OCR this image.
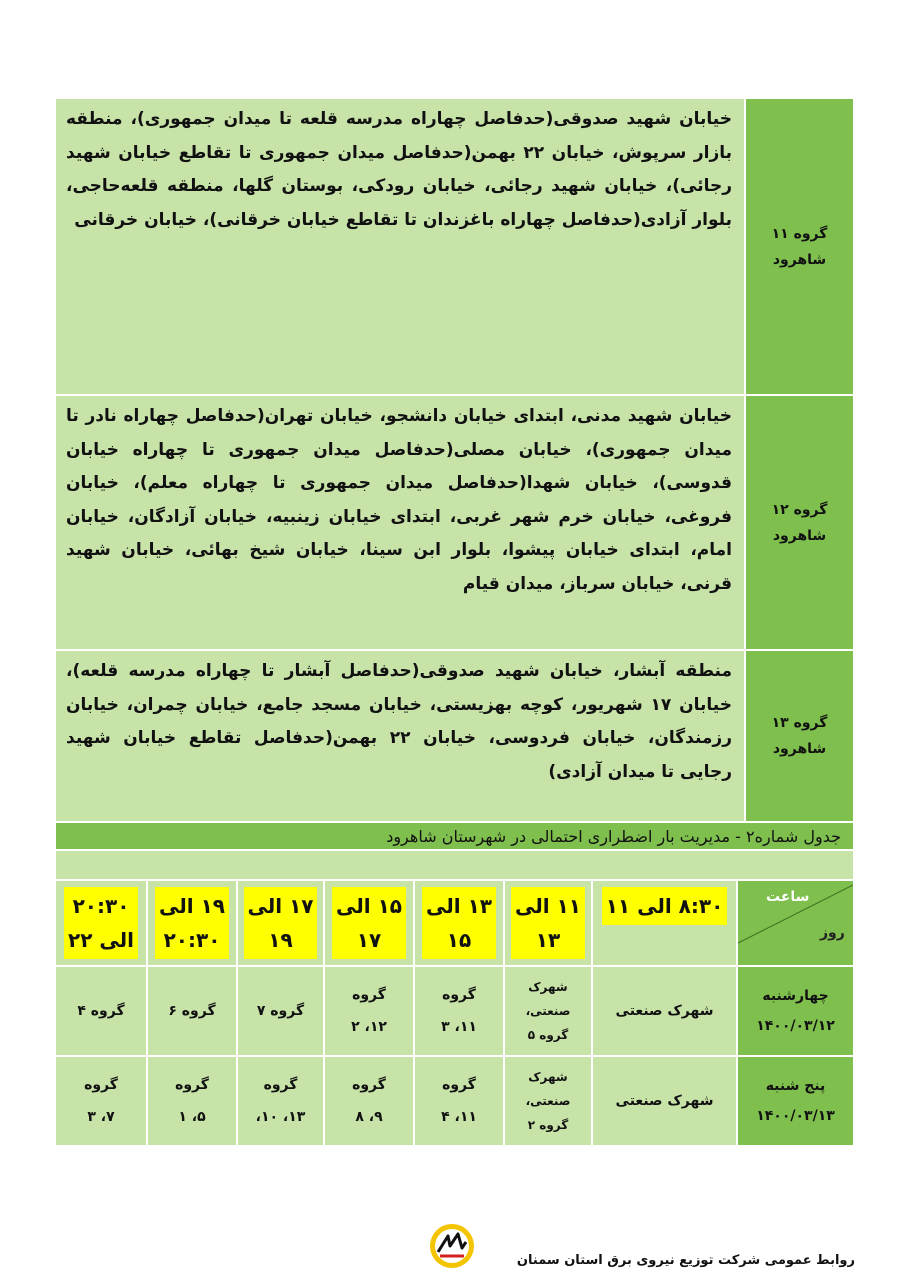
خیابان شهید صدوقی(حدفاصل چهاراه مدرسه قلعه تا میدان جمهوری)، منطقه بازار سرپوش، خیابان ۲۲ بهمن(حدفاصل میدان جمهوری تا تقاطع خیابان شهید رجائی)، خیابان شهید رجائی، خیابان رودکی، بوستان گلها، منطقه قلعه‌حاجی، بلوار آزادی(حدفاصل چهاراه باغزندان تا تقاطع خیابان خرقانی)، خیابان خرقانی
گروه ۱۱
شاهرود
خیابان شهید مدنی، ابتدای خیابان دانشجو، خیابان تهران(حدفاصل چهاراه نادر تا میدان جمهوری)، خیابان مصلی(حدفاصل میدان جمهوری تا چهاراه خیابان قدوسی)، خیابان شهدا(حدفاصل میدان جمهوری تا چهاراه معلم)، خیابان فروغی، خیابان خرم شهر غربی، ابتدای خیابان زینبیه، خیابان آزادگان، خیابان امام، ابتدای خیابان پیشوا، بلوار ابن سینا، خیابان شیخ بهائی، خیابان شهید قرنی، خیابان سرباز، میدان قیام
گروه ۱۲
شاهرود
منطقه آبشار، خیابان شهید صدوقی(حدفاصل آبشار تا چهاراه مدرسه قلعه)، خیابان ۱۷ شهریور، کوچه بهزیستی، خیابان مسجد جامع، خیابان چمران، خیابان رزمندگان، خیابان فردوسی، خیابان ۲۲ بهمن(حدفاصل تقاطع خیابان شهید رجایی تا میدان آزادی)
گروه ۱۳
شاهرود
جدول شماره۲ - مدیریت بار اضطراری احتمالی در شهرستان شاهرود
ساعت
روز
۸:۳۰ الی ۱۱
۱۱ الی
۱۳
۱۳ الی
۱۵
۱۵ الی
۱۷
۱۷ الی
۱۹
۱۹ الی
۲۰:۳۰
۲۰:۳۰
الی ۲۲
چهارشنبه
۱۴۰۰/۰۳/۱۲
شهرک صنعتی
شهرک
صنعتی،
گروه ۵
گروه
۱۱، ۳
گروه
۱۲، ۲
گروه ۷
گروه ۶
گروه ۴
پنج شنبه
۱۴۰۰/۰۳/۱۳
شهرک صنعتی
شهرک
صنعتی،
گروه ۲
گروه
۱۱، ۴
گروه
۹، ۸
گروه
۱۳، ۱۰،
گروه
۵، ۱
گروه
۷، ۳
روابط عمومی شرکت توزیع نیروی برق استان سمنان
